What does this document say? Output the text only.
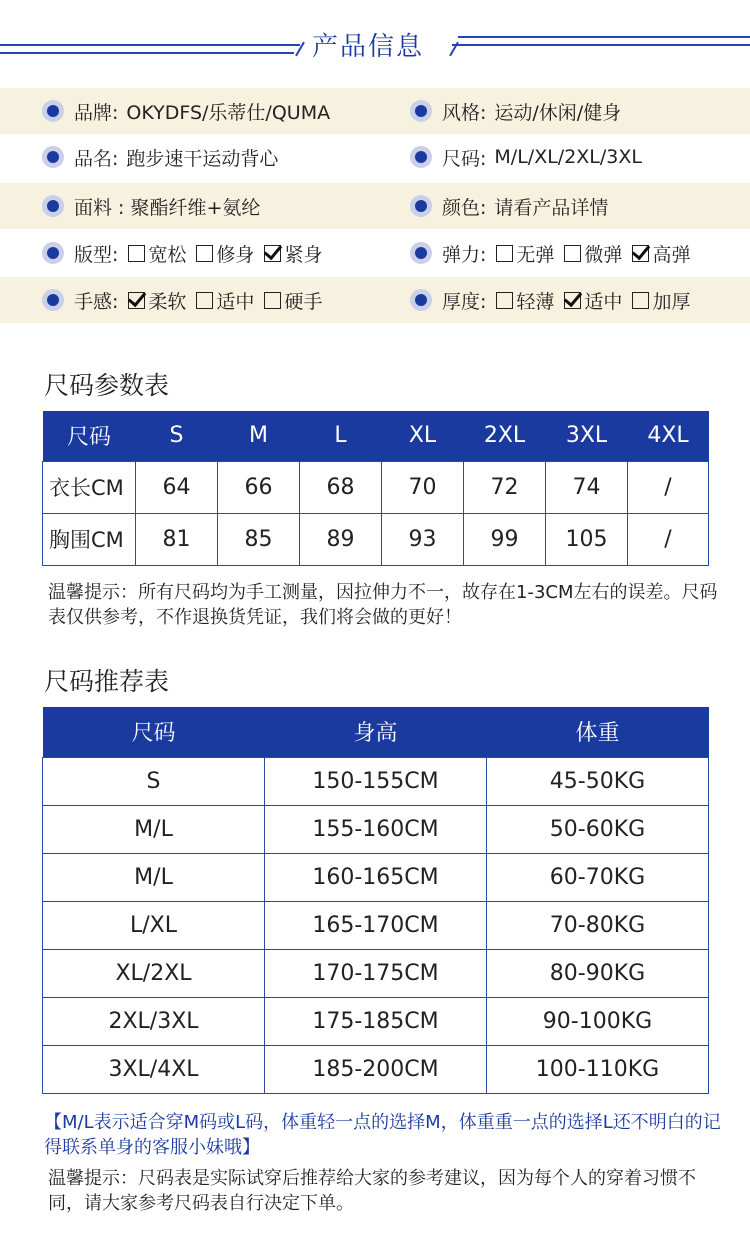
产品信息
品牌: OKYDFS/乐蒂仕/QUMA	风格: 运动/休闲/健身
品名: 跑步速干运动背心	尺码: M/L/XL/2XL/3XL
面料 : 聚酯纤维+氨纶	颜色: 请看产品详情
版型: 宽松 修身 紧身	弹力: 无弹 微弹 高弹
手感: 柔软 适中 硬手	厚度: 轻薄 适中 加厚
尺码参数表
尺码	S	M	L	XL	2XL	3XL	4XL
衣长CM	64	66	68	70	72	74	/
胸围CM	81	85	89	93	99	105	/
温馨提示：所有尺码均为手工测量，因拉伸力不一，故存在1-3CM左右的误差。尺码表仅供参考，不作退换货凭证，我们将会做的更好！
尺码推荐表
尺码	身高	体重
S	150-155CM	45-50KG
M/L	155-160CM	50-60KG
M/L	160-165CM	60-70KG
L/XL	165-170CM	70-80KG
XL/2XL	170-175CM	80-90KG
2XL/3XL	175-185CM	90-100KG
3XL/4XL	185-200CM	100-110KG
【M/L表示适合穿M码或L码，体重轻一点的选择M，体重重一点的选择L还不明白的记得联系单身的客服小妹哦】
温馨提示：尺码表是实际试穿后推荐给大家的参考建议，因为每个人的穿着习惯不同，请大家参考尺码表自行决定下单。
